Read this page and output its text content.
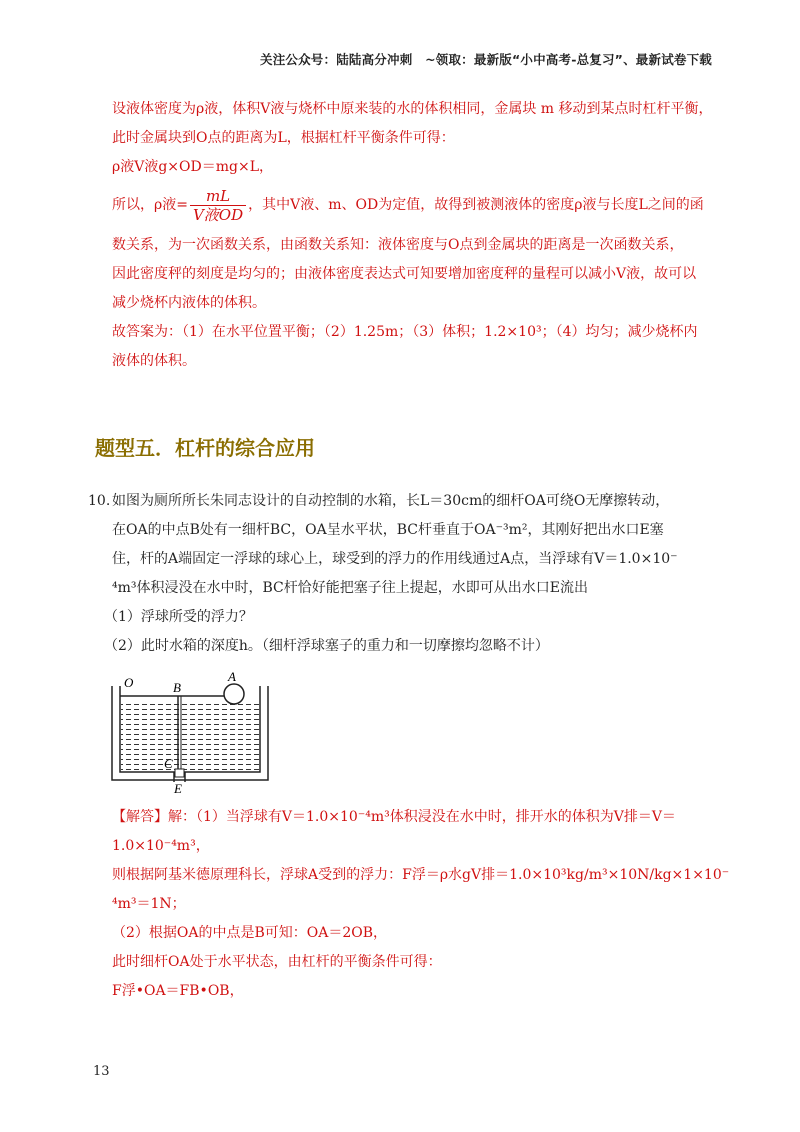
关注公众号：陆陆高分冲刺　~领取：最新版“小中高考-总复习”、最新试卷下载
设液体密度为ρ液，体积V液与烧杯中原来装的水的体积相同，金属块 m 移动到某点时杠杆平衡，
此时金属块到O点的距离为L，根据杠杆平衡条件可得：
ρ液V液g×OD＝mg×L，
所以，ρ液= $\frac{mL}{\text{V液OD}}$ ，其中V液、m、OD为定值，故得到被测液体的密度ρ液与长度L之间的函
数关系，为一次函数关系，由函数关系知：液体密度与O点到金属块的距离是一次函数关系，
因此密度秤的刻度是均匀的；由液体密度表达式可知要增加密度秤的量程可以减小V液，故可以
减少烧杯内液体的体积。
故答案为：（1）在水平位置平衡；（2）1.25m；（3）体积；1.2×10³；（4）均匀；减少烧杯内
液体的体积。
题型五．杠杆的综合应用
10. 如图为厕所所长朱同志设计的自动控制的水箱，长L＝30cm的细杆OA可绕O无摩擦转动，
在OA的中点B处有一细杆BC，OA呈水平状，BC杆垂直于OA⁻³m²，其刚好把出水口E塞
住，杆的A端固定一浮球的球心上，球受到的浮力的作用线通过A点，当浮球有V＝1.0×10⁻
⁴m³体积浸没在水中时，BC杆恰好能把塞子往上提起，水即可从出水口E流出
（1）浮球所受的浮力？
（2）此时水箱的深度h。（细杆浮球塞子的重力和一切摩擦均忽略不计）
O	B
A
C
E
【解答】解：（1）当浮球有V＝1.0×10⁻⁴m³体积浸没在水中时，排开水的体积为V排＝V＝
1.0×10⁻⁴m³，
则根据阿基米德原理科长，浮球A受到的浮力：F浮＝ρ水gV排＝1.0×10³kg/m³×10N/kg×1×10⁻
⁴m³＝1N；
（2）根据OA的中点是B可知：OA＝2OB，
此时细杆OA处于水平状态，由杠杆的平衡条件可得：
F浮•OA＝FB•OB，
13
